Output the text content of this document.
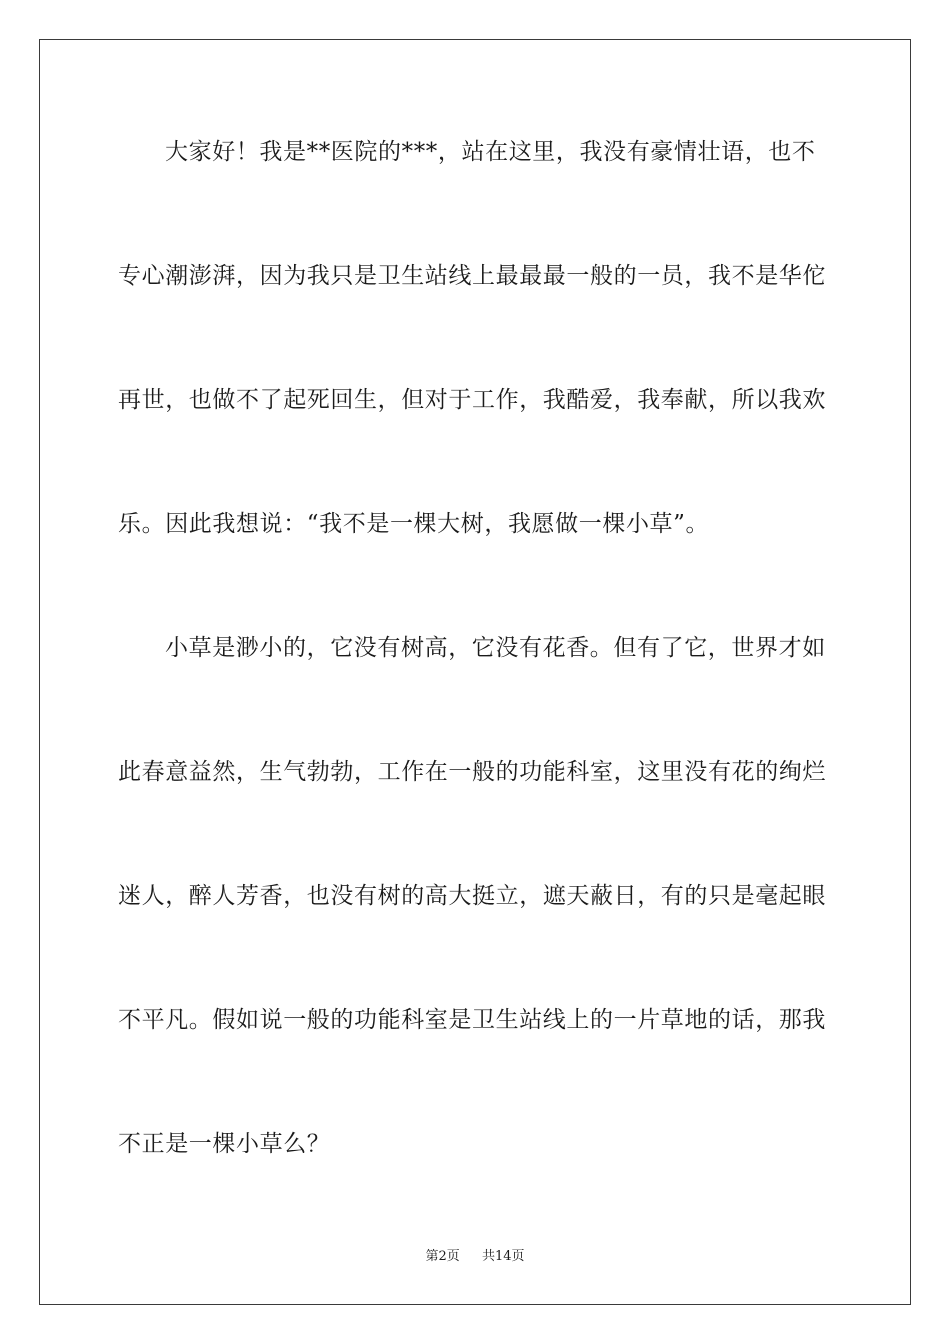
大家好！我是**医院的***，站在这里，我没有豪情壮语，也不
专心潮澎湃，因为我只是卫生站线上最最最一般的一员，我不是华佗
再世，也做不了起死回生，但对于工作，我酷爱，我奉献，所以我欢
乐。因此我想说：“我不是一棵大树，我愿做一棵小草”。
小草是渺小的，它没有树高，它没有花香。但有了它，世界才如
此春意益然，生气勃勃，工作在一般的功能科室，这里没有花的绚烂
迷人，醉人芳香，也没有树的高大挺立，遮天蔽日，有的只是毫起眼
不平凡。假如说一般的功能科室是卫生站线上的一片草地的话，那我
不正是一棵小草么？
第2页 共14页
